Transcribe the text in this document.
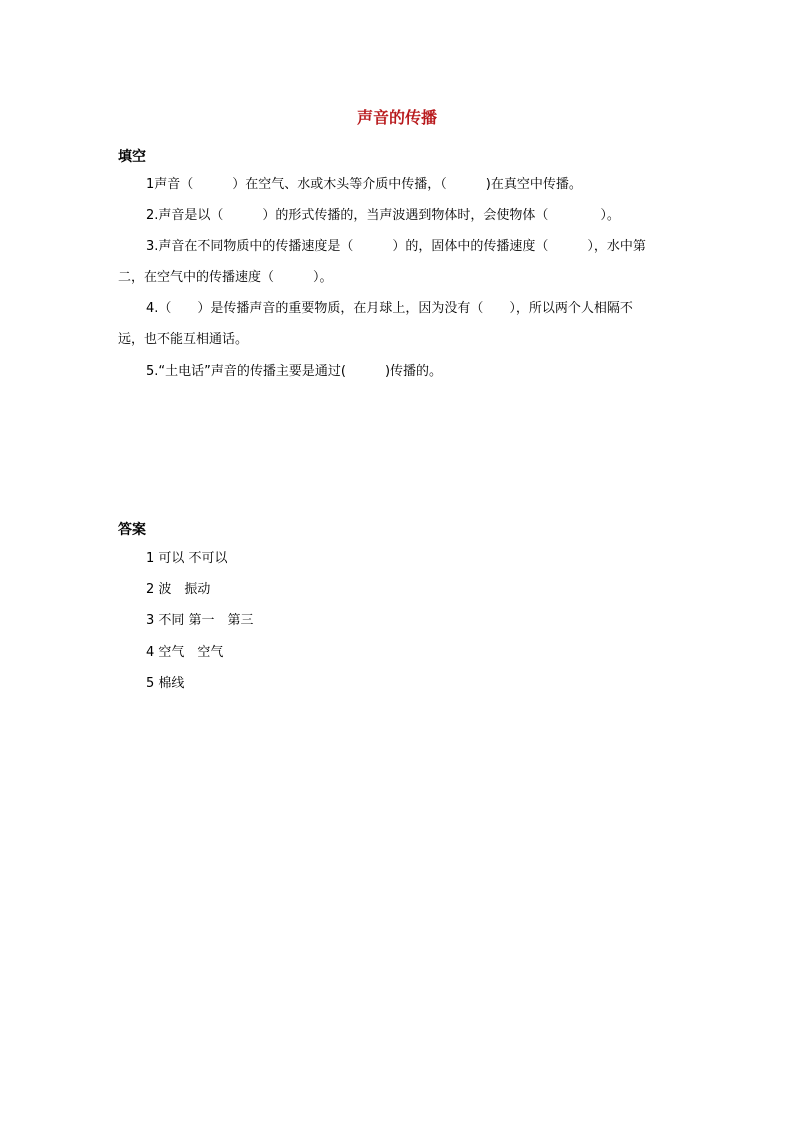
声音的传播
填空
1声音（　　　）在空气、水或木头等介质中传播，（　　　)在真空中传播。
2.声音是以（　　　）的形式传播的，当声波遇到物体时，会使物体（　　　　）。
3.声音在不同物质中的传播速度是（　　　）的，固体中的传播速度（　　　），水中第
二，在空气中的传播速度（　　　）。
4.（　　）是传播声音的重要物质，在月球上，因为没有（　　），所以两个人相隔不
远，也不能互相通话。
5.“土电话”声音的传播主要是通过(　　　)传播的。
答案
1 可以 不可以
2 波　振动
3 不同 第一　第三
4 空气　空气
5 棉线
